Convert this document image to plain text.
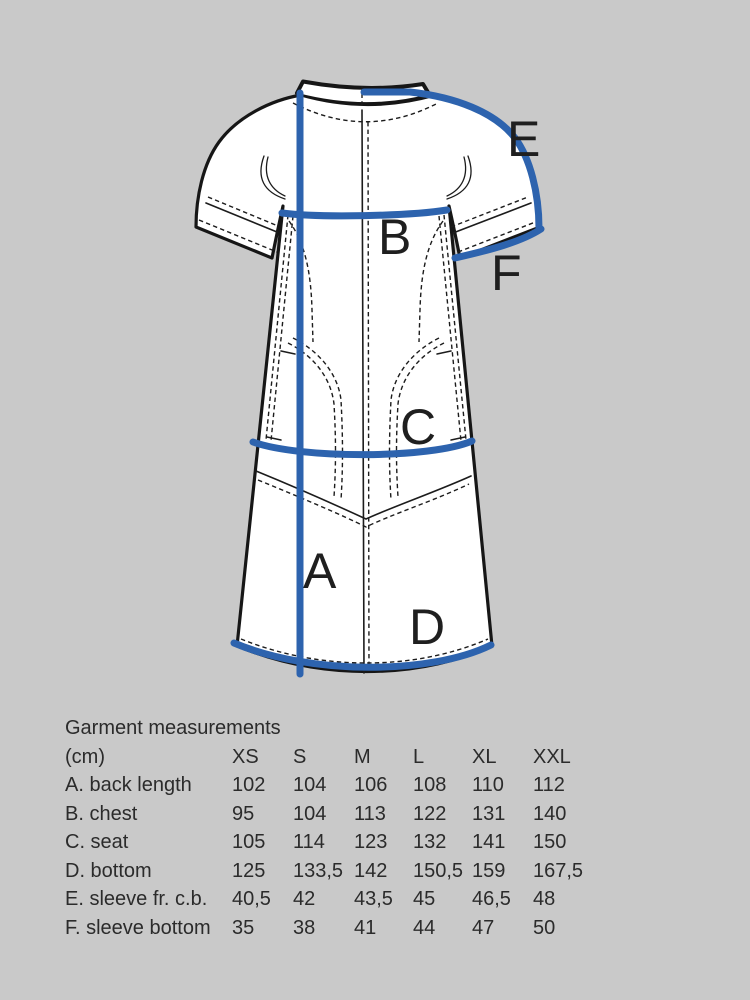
E
B
F
C
A
D
Garment measurements
(cm)	XS	S	M	L	XL	XXL
A. back length	102	104	106	108	110	112
B. chest	95	104	113	122	131	140
C. seat	105	114	123	132	141	150
D. bottom	125	133,5 142	150,5 159	167,5
E. sleeve fr. c.b.	40,5	42	43,5	45	46,5	48
F. sleeve bottom	35	38	41	44	47	50
